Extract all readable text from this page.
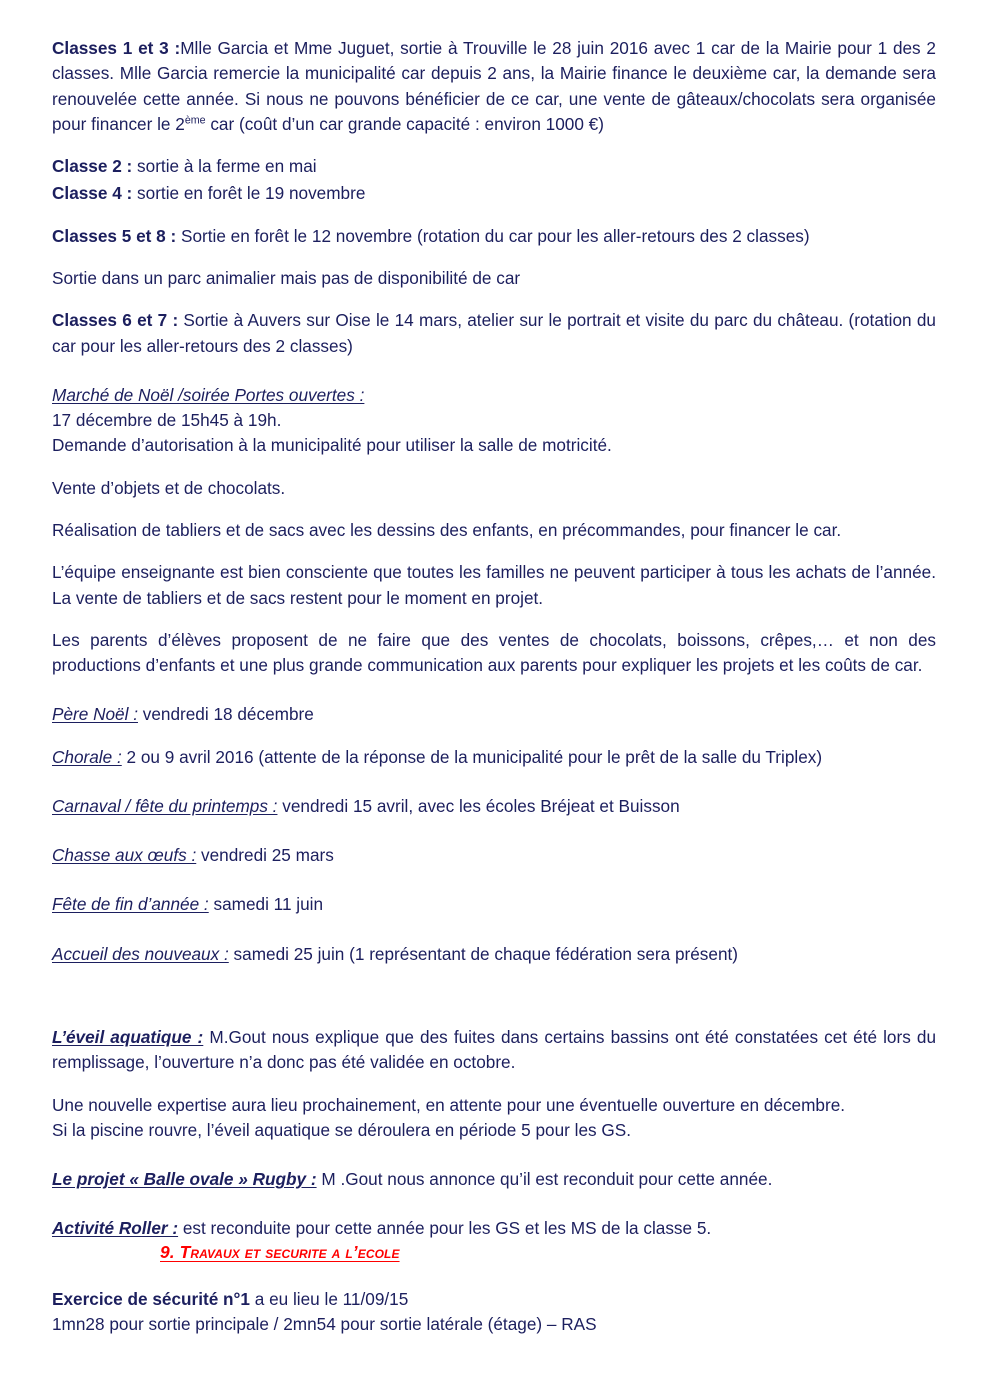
Classes 1 et 3 :Mlle Garcia et Mme Juguet, sortie à Trouville le 28 juin 2016 avec 1 car de la Mairie pour 1 des 2 classes. Mlle Garcia remercie la municipalité car depuis 2 ans, la Mairie finance le deuxième car, la demande sera renouvelée cette année. Si nous ne pouvons bénéficier de ce car, une vente de gâteaux/chocolats sera organisée pour financer le 2ème car (coût d’un car grande capacité : environ 1000 €)

Classe 2 : sortie à la ferme en mai

Classe 4 : sortie en forêt le 19 novembre

Classes 5 et 8 : Sortie en forêt le 12 novembre (rotation du car pour les aller-retours des 2 classes)

Sortie dans un parc animalier mais pas de disponibilité de car

Classes 6 et 7 : Sortie à Auvers sur Oise le 14 mars, atelier sur le portrait et visite du parc du château. (rotation du car pour les aller-retours des 2 classes)

Marché de Noël /soirée Portes ouvertes :

17 décembre de 15h45 à 19h.

Demande d’autorisation à la municipalité pour utiliser la salle de motricité.

Vente d’objets et de chocolats.

Réalisation de tabliers et de sacs avec les dessins des enfants, en précommandes, pour financer le car.

L’équipe enseignante est bien consciente que toutes les familles ne peuvent participer à tous les achats de l’année. La vente de tabliers et de sacs restent pour le moment en projet.

Les parents d’élèves proposent de ne faire que des ventes de chocolats, boissons, crêpes,… et non des productions d’enfants et une plus grande communication aux parents pour expliquer les projets et les coûts de car.

Père Noël : vendredi 18 décembre

Chorale : 2 ou 9 avril 2016 (attente de la réponse de la municipalité pour le prêt de la salle du Triplex)

Carnaval / fête du printemps : vendredi 15 avril, avec les écoles Bréjeat et Buisson

Chasse aux œufs : vendredi 25 mars

Fête de fin d’année : samedi 11 juin

Accueil des nouveaux : samedi 25 juin (1 représentant de chaque fédération sera présent)

L’éveil aquatique : M.Gout nous explique que des fuites dans certains bassins ont été constatées cet été lors du remplissage, l’ouverture n’a donc pas été validée en octobre.

Une nouvelle expertise aura lieu prochainement, en attente pour une éventuelle ouverture en décembre.

Si la piscine rouvre, l’éveil aquatique se déroulera en période 5 pour les GS.

Le projet « Balle ovale » Rugby : M .Gout nous annonce qu’il est reconduit pour cette année.

Activité Roller : est reconduite pour cette année pour les GS et les MS de la classe 5.

9. Travaux et securite a l’ecole

Exercice de sécurité n°1 a eu lieu le 11/09/15

1mn28 pour sortie principale / 2mn54 pour sortie latérale (étage) – RAS
